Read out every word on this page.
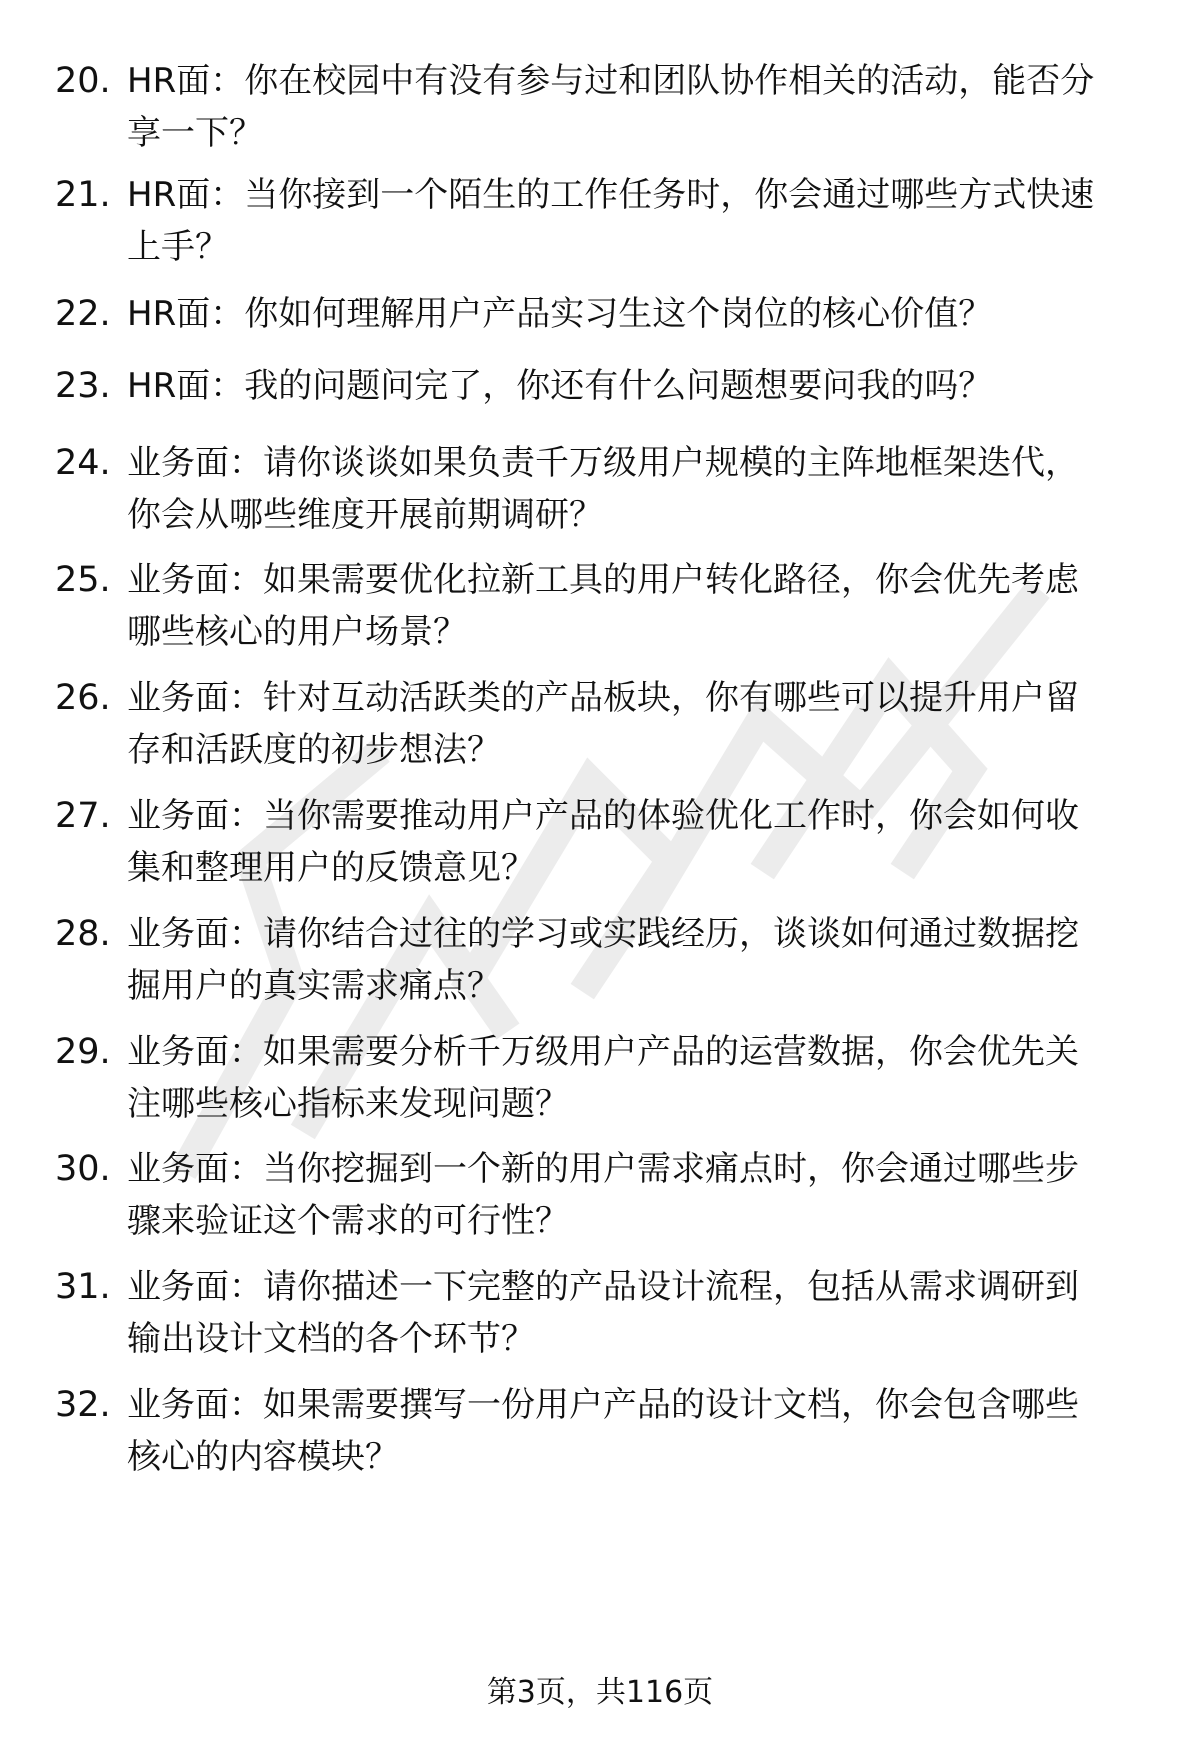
20. HR面：你在校园中有没有参与过和团队协作相关的活动，能否分
享一下？
21. HR面：当你接到一个陌生的工作任务时，你会通过哪些方式快速
上手？
22. HR面：你如何理解用户产品实习生这个岗位的核心价值？
23. HR面：我的问题问完了，你还有什么问题想要问我的吗？
24. 业务面：请你谈谈如果负责千万级用户规模的主阵地框架迭代，
你会从哪些维度开展前期调研？
25. 业务面：如果需要优化拉新工具的用户转化路径，你会优先考虑
哪些核心的用户场景？
26. 业务面：针对互动活跃类的产品板块，你有哪些可以提升用户留
存和活跃度的初步想法？
27. 业务面：当你需要推动用户产品的体验优化工作时，你会如何收
集和整理用户的反馈意见？
28. 业务面：请你结合过往的学习或实践经历，谈谈如何通过数据挖
掘用户的真实需求痛点？
29. 业务面：如果需要分析千万级用户产品的运营数据，你会优先关
注哪些核心指标来发现问题？
30. 业务面：当你挖掘到一个新的用户需求痛点时，你会通过哪些步
骤来验证这个需求的可行性？
31. 业务面：请你描述一下完整的产品设计流程，包括从需求调研到
输出设计文档的各个环节？
32. 业务面：如果需要撰写一份用户产品的设计文档，你会包含哪些
核心的内容模块？
第3页，共116页
